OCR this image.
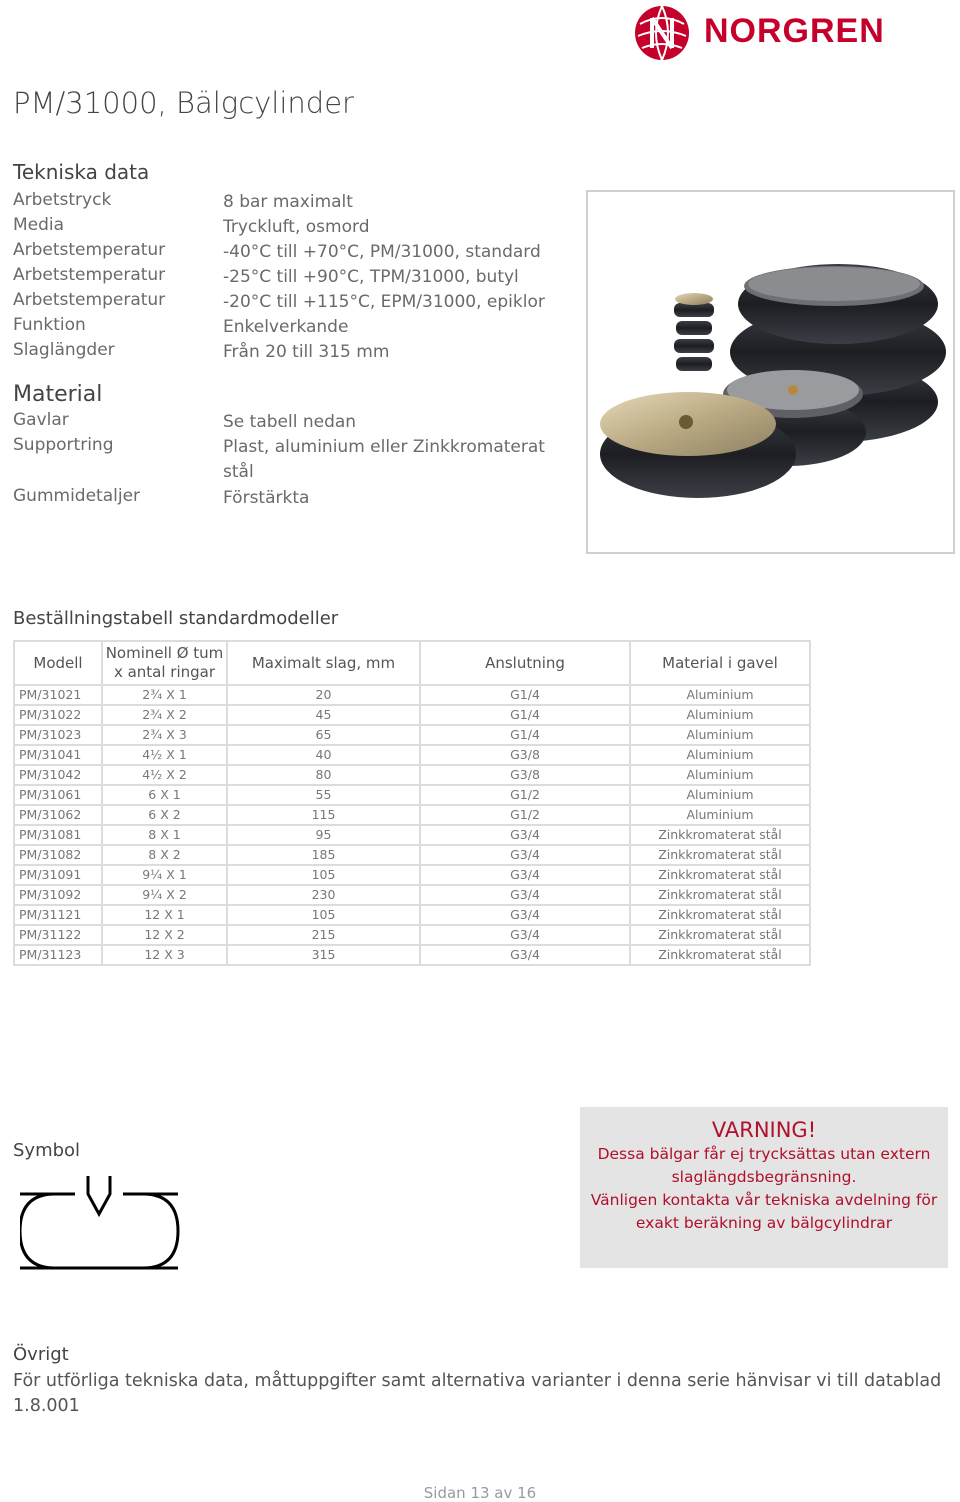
NORGREN
PM/31000, Bälgcylinder
Tekniska data
Arbetstryck	8 bar maximalt
Media	Tryckluft, osmord
Arbetstemperatur	-40°C till +70°C, PM/31000, standard
Arbetstemperatur	-25°C till +90°C, TPM/31000, butyl
Arbetstemperatur	-20°C till +115°C, EPM/31000, epiklor
Funktion	Enkelverkande
Slaglängder	Från 20 till 315 mm
Material
Gavlar	Se tabell nedan
Supportring	Plast, aluminium eller Zinkkromaterat stål
Gummidetaljer	Förstärkta
Beställningstabell standardmodeller
Modell	Nominell Ø tum x antal ringar	Maximalt slag, mm	Anslutning	Material i gavel
PM/31021	2¾ X 1	20	G1/4	Aluminium
PM/31022	2¾ X 2	45	G1/4	Aluminium
PM/31023	2¾ X 3	65	G1/4	Aluminium
PM/31041	4½ X 1	40	G3/8	Aluminium
PM/31042	4½ X 2	80	G3/8	Aluminium
PM/31061	6 X 1	55	G1/2	Aluminium
PM/31062	6 X 2	115	G1/2	Aluminium
PM/31081	8 X 1	95	G3/4	Zinkkromaterat stål
PM/31082	8 X 2	185	G3/4	Zinkkromaterat stål
PM/31091	9¼ X 1	105	G3/4	Zinkkromaterat stål
PM/31092	9¼ X 2	230	G3/4	Zinkkromaterat stål
PM/31121	12 X 1	105	G3/4	Zinkkromaterat stål
PM/31122	12 X 2	215	G3/4	Zinkkromaterat stål
PM/31123	12 X 3	315	G3/4	Zinkkromaterat stål
Symbol
VARNING!
Dessa bälgar får ej trycksättas utan extern slaglängdsbegränsning.
Vänligen kontakta vår tekniska avdelning för exakt beräkning av bälgcylindrar
Övrigt
För utförliga tekniska data, måttuppgifter samt alternativa varianter i denna serie hänvisar vi till datablad 1.8.001
Sidan 13 av 16
